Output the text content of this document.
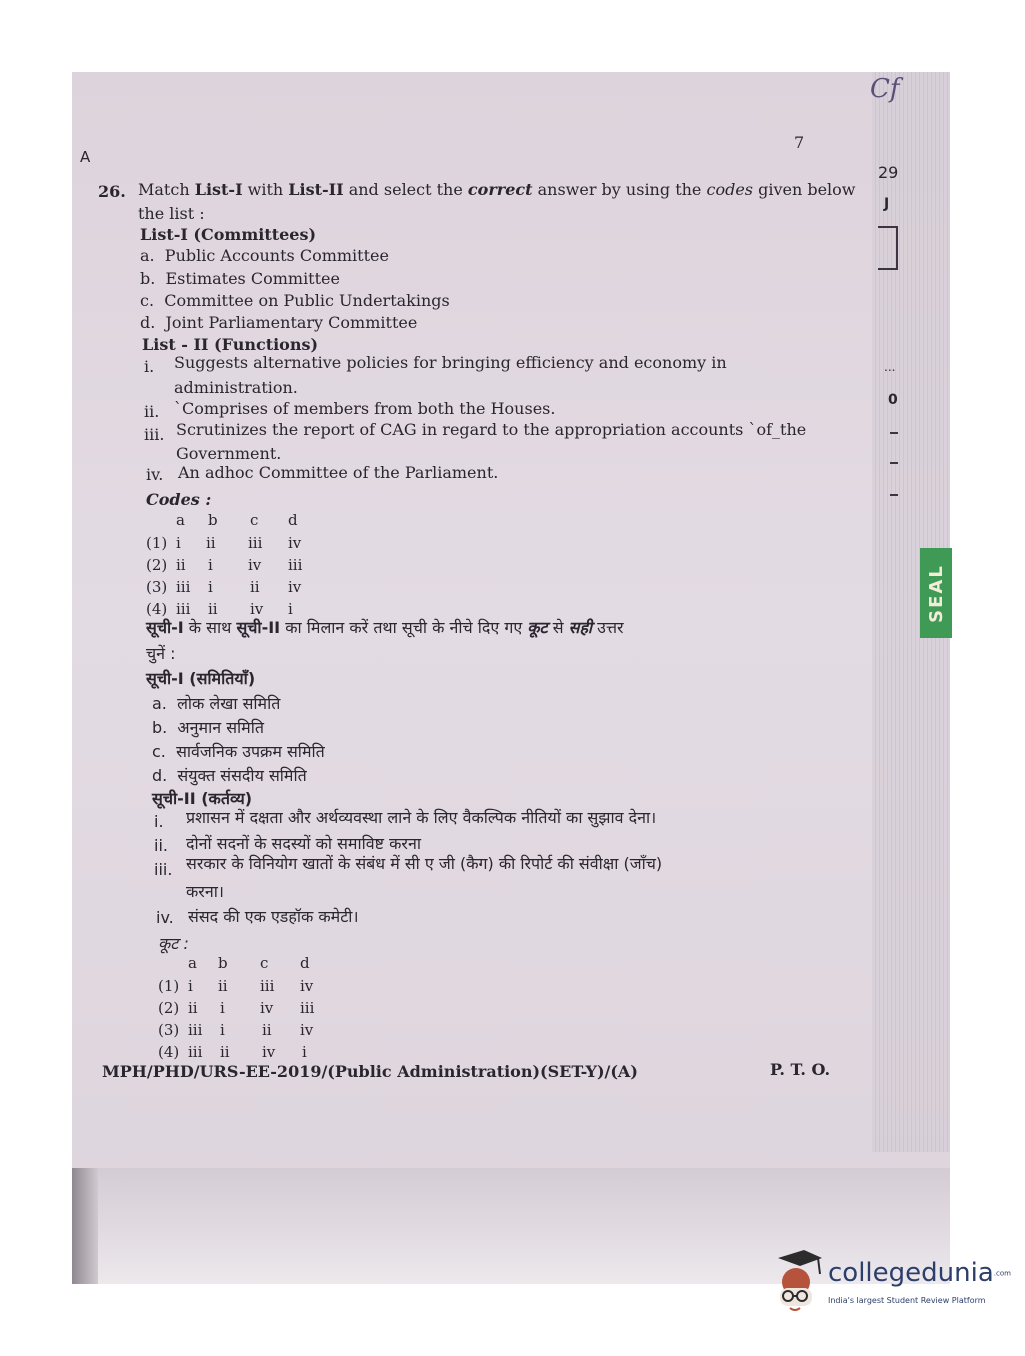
A
7
Cf
29
J
...
0
SEAL
26. Match List-I with List-II and select the correct answer by using the codes given below
the list :
List-I (Committees)
a. Public Accounts Committee
b. Estimates Committee
c. Committee on Public Undertakings
d. Joint Parliamentary Committee
List - II (Functions)
i. Suggests alternative policies for bringing efficiency and economy in
administration.
ii. `Comprises of members from both the Houses.
iii. Scrutinizes the report of CAG in regard to the appropriation accounts `of_the
Government.
iv. An adhoc Committee of the Parliament.
Codes :
a b c d
(1) i ii iii iv
(2) ii i iv iii
(3) iii i ii iv
(4) iii ii iv i
सूची-I के साथ सूची-II का मिलान करें तथा सूची के नीचे दिए गए कूट से सही उत्तर
चुनें :
सूची-I (समितियाँ)
a. लोक लेखा समिति
b. अनुमान समिति
c. सार्वजनिक उपक्रम समिति
d. संयुक्त संसदीय समिति
सूची-II (कर्तव्य)
i. प्रशासन में दक्षता और अर्थव्यवस्था लाने के लिए वैकल्पिक नीतियों का सुझाव देना।
ii. दोनों सदनों के सदस्यों को समाविष्ट करना
iii. सरकार के विनियोग खातों के संबंध में सी ए जी (कैग) की रिपोर्ट की संवीक्षा (जाँच)
करना।
iv. संसद की एक एडहॉक कमेटी।
कूट :
a b c d
(1) i ii iii iv
(2) ii i iv iii
(3) iii i ii iv
(4) iii ii iv i
MPH/PHD/URS-EE-2019/(Public Administration)(SET-Y)/(A)	P. T. O.
collegedunia.com
India's largest Student Review Platform
